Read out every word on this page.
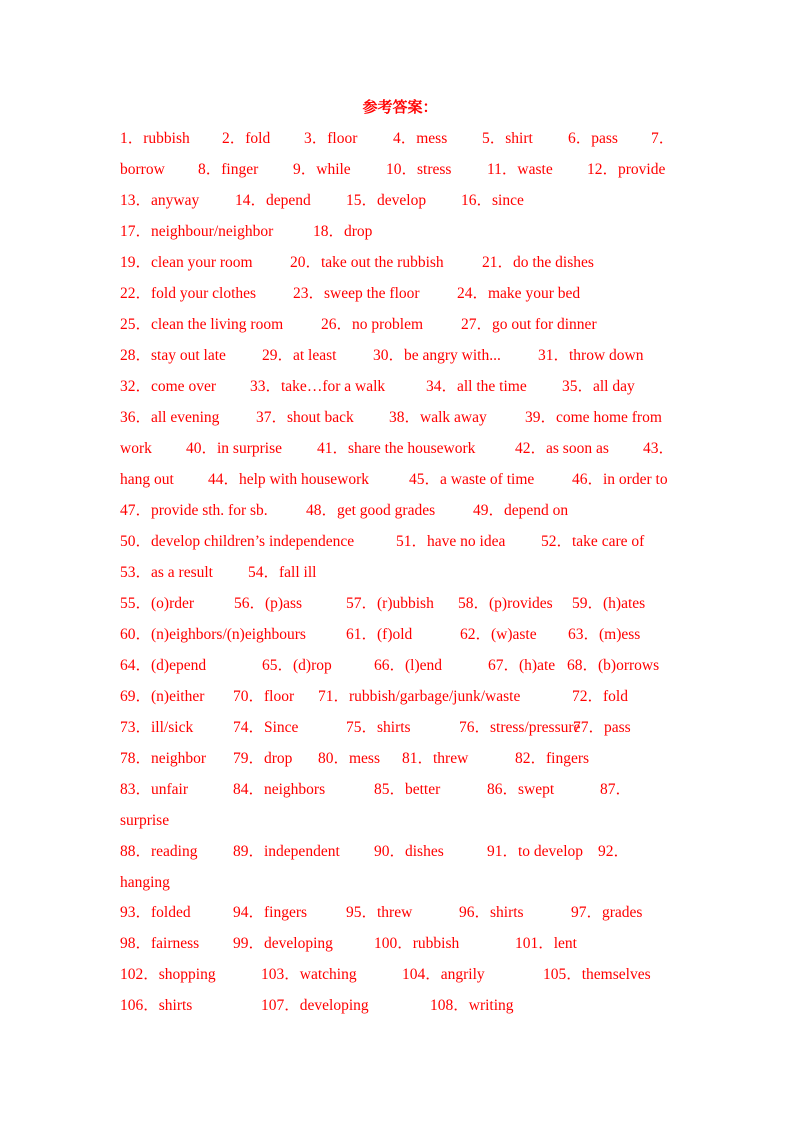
参考答案：
1．rubbish 2．fold 3．floor 4．mess 5．shirt 6．pass 7．
borrow 8．finger 9．while 10．stress 11．waste 12．provide
13．anyway 14．depend 15．develop 16．since
17．neighbour/neighbor	18．drop
19．clean your room 20．take out the rubbish 21．do the dishes
22．fold your clothes 23．sweep the floor 24．make your bed
25．clean the living room 26．no problem 27．go out for dinner
28．stay out late 29．at least 30．be angry with... 31．throw down
32．come over 33．take…for a walk	34．all the time 35．all day
36．all evening 37．shout back 38．walk away 39．come home from
work 40．in surprise 41．share the housework	42．as soon as 43．
hang out 44．help with housework	45．a waste of time 46．in order to
47．provide sth. for sb. 48．get good grades 49．depend on
50．develop children’s independence	51．have no idea 52．take care of
53．as a result 54．fall ill
55．(o)rder	56．(p)ass	57．(r)ubbish 58．(p)rovides 59．(h)ates
60．(n)eighbors/(n)eighbours	61．(f)old	62．(w)aste 63．(m)ess
64．(d)epend	65．(d)rop	66．(l)end	67．(h)ate 68．(b)orrows
69．(n)either 70．floor 71．rubbish/garbage/junk/waste	72．fold
73．ill/sick	74．Since	75．shirts	76．stress/pressure
77．pass
78．neighbor 79．drop 80．mess 81．threw	82．fingers
83．unfair	84．neighbors	85．better	86．swept	87．
surprise
88．reading 89．independent 90．dishes	91．to develop 92．
hanging
93．folded	94．fingers	95．threw	96．shirts	97．grades
98．fairness 99．developing	100．rubbish	101．lent
102．shopping	103．watching	104．angrily	105．themselves
106．shirts	107．developing	108．writing
